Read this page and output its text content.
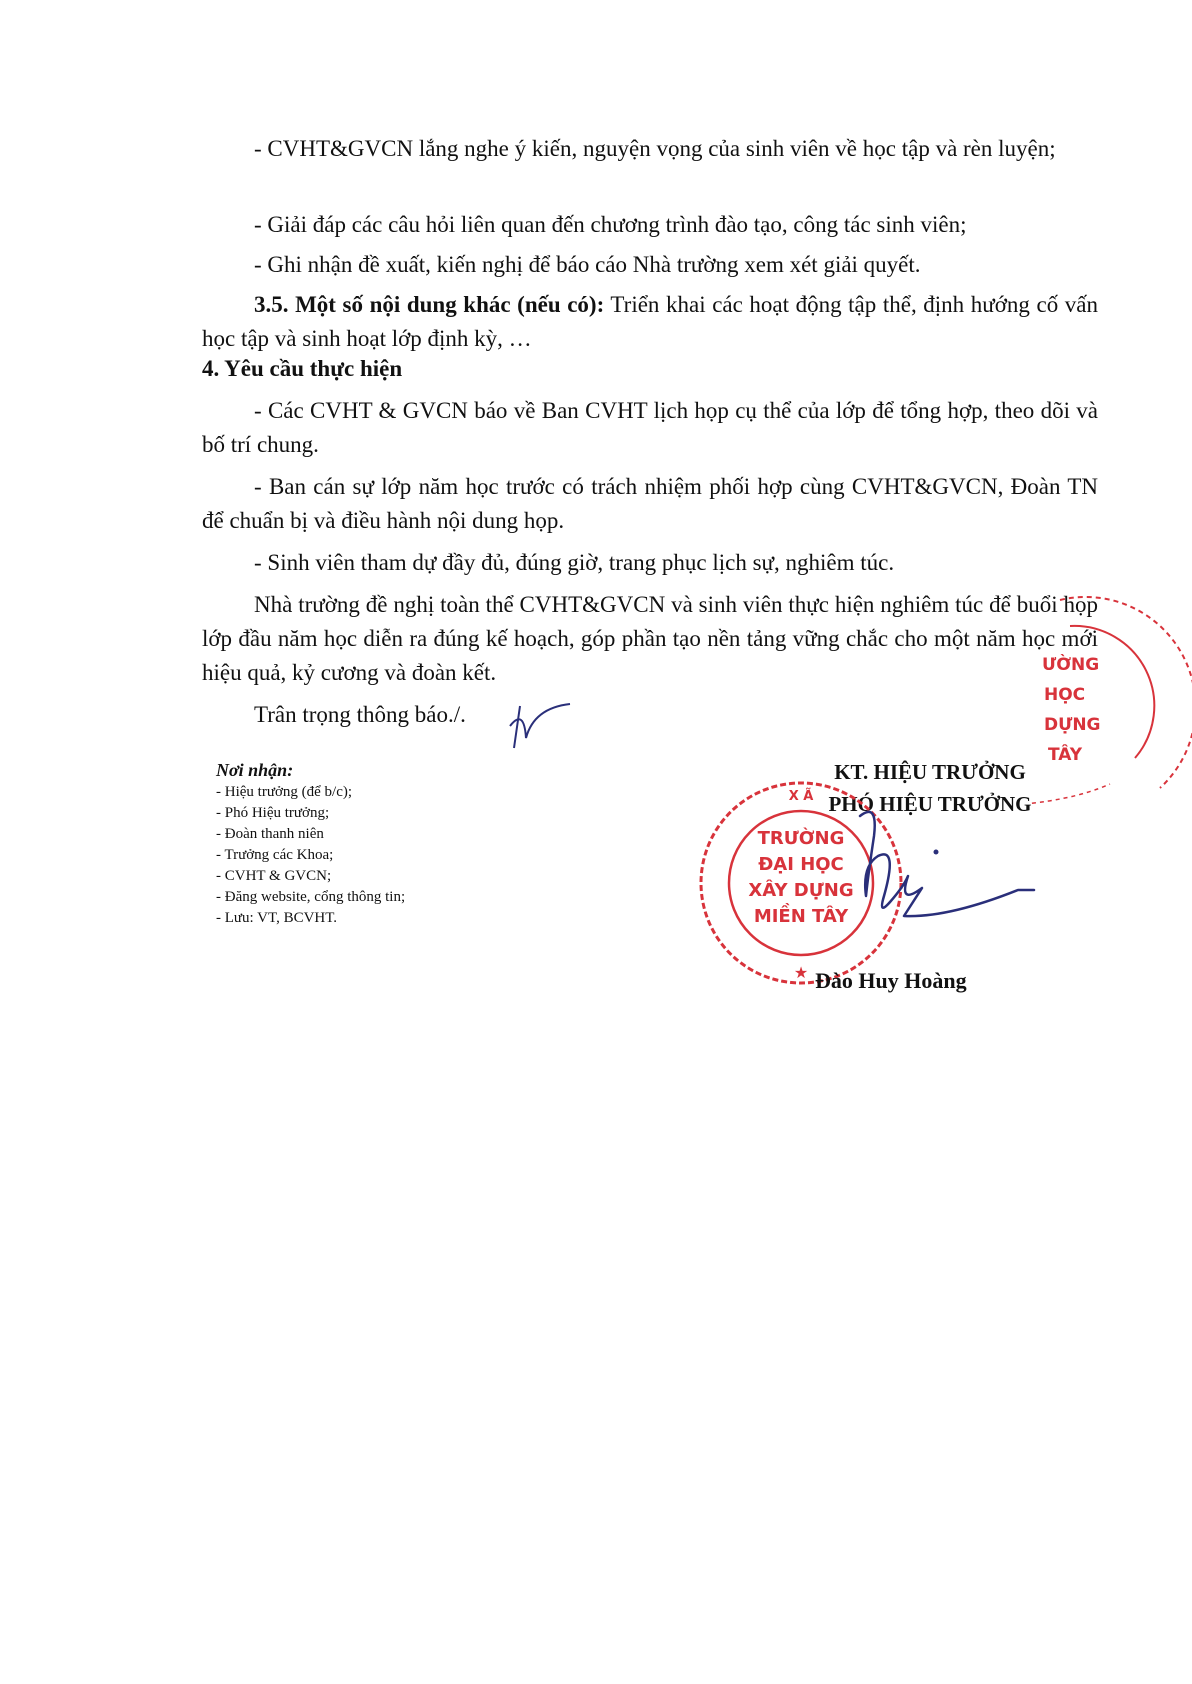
- CVHT&GVCN lắng nghe ý kiến, nguyện vọng của sinh viên về học tập và rèn luyện;

- Giải đáp các câu hỏi liên quan đến chương trình đào tạo, công tác sinh viên;

- Ghi nhận đề xuất, kiến nghị để báo cáo Nhà trường xem xét giải quyết.

3.5. Một số nội dung khác (nếu có): Triển khai các hoạt động tập thể, định hướng cố vấn học tập và sinh hoạt lớp định kỳ, …

4. Yêu cầu thực hiện

- Các CVHT & GVCN báo về Ban CVHT lịch họp cụ thể của lớp để tổng hợp, theo dõi và bố trí chung.

- Ban cán sự lớp năm học trước có trách nhiệm phối hợp cùng CVHT&GVCN, Đoàn TN để chuẩn bị và điều hành nội dung họp.

- Sinh viên tham dự đầy đủ, đúng giờ, trang phục lịch sự, nghiêm túc.

Nhà trường đề nghị toàn thể CVHT&GVCN và sinh viên thực hiện nghiêm túc để buổi họp lớp đầu năm học diễn ra đúng kế hoạch, góp phần tạo nền tảng vững chắc cho một năm học mới hiệu quả, kỷ cương và đoàn kết.

Trân trọng thông báo./.

Nơi nhận:
- Hiệu trưởng (để b/c);
- Phó Hiệu trưởng;
- Đoàn thanh niên
- Trưởng các Khoa;
- CVHT & GVCN;
- Đăng website, cổng thông tin;
- Lưu: VT, BCVHT.
KT. HIỆU TRƯỞNG
PHÓ HIỆU TRƯỞNG
X Ã
★
TRƯỜNG
ĐẠI HỌC
XÂY DỰNG
MIỀN TÂY
ƯỜNG
HỌC
DỰNG
TÂY
Đào Huy Hoàng
